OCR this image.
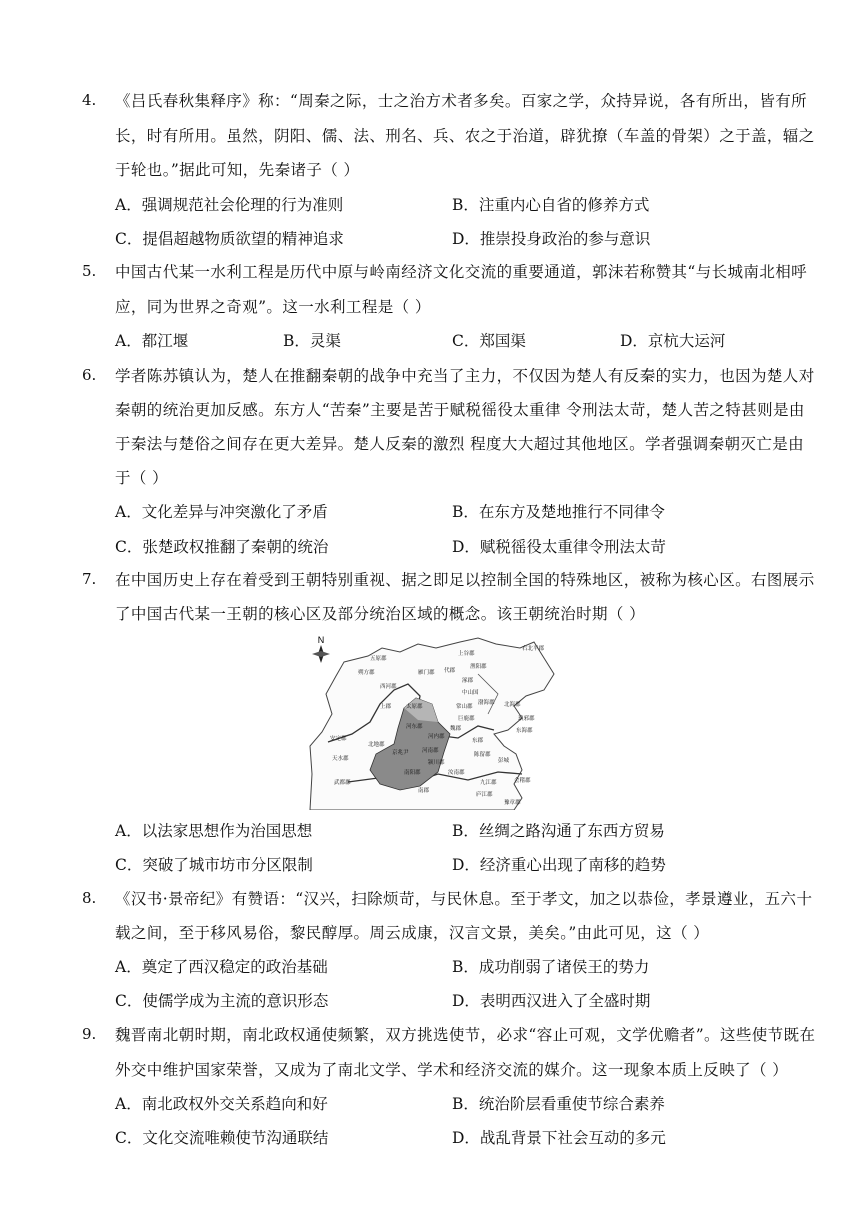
4. 《吕氏春秋集释序》称：“周秦之际，士之治方术者多矣。百家之学，众持异说，各有所出，皆有所
长，时有所用。虽然，阴阳、儒、法、刑名、兵、农之于治道，辟犹撩（车盖的骨架）之于盖，辐之
于轮也。”据此可知，先秦诸子（ ）
A．强调规范社会伦理的行为准则	B．注重内心自省的修养方式
C．提倡超越物质欲望的精神追求	D．推崇投身政治的参与意识
5. 中国古代某一水利工程是历代中原与岭南经济文化交流的重要通道，郭沫若称赞其“与长城南北相呼
应，同为世界之奇观”。这一水利工程是（ ）
A．都江堰	B．灵渠	C．郑国渠	D．京杭大运河
6. 学者陈苏镇认为，楚人在推翻秦朝的战争中充当了主力，不仅因为楚人有反秦的实力，也因为楚人对
秦朝的统治更加反感。东方人“苦秦”主要是苦于赋税徭役太重律 令刑法太苛，楚人苦之特甚则是由
于秦法与楚俗之间存在更大差异。楚人反秦的激烈 程度大大超过其他地区。学者强调秦朝灭亡是由
于（ ）
A．文化差异与冲突激化了矛盾	B．在东方及楚地推行不同律令
C．张楚政权推翻了秦朝的统治	D．赋税徭役太重律令刑法太苛
7. 在中国历史上存在着受到王朝特别重视、据之即足以控制全国的特殊地区，被称为核心区。右图展示
了中国古代某一王朝的核心区及部分统治区域的概念。该王朝统治时期（ ）
N
五原郡
上谷郡
右北平郡
渔阳郡
朔方郡	雁门郡 代郡
涿郡
西河郡
中山国
上郡	太原郡	常山郡
渤海郡 北海郡
巨鹿郡	琅邪郡
东海郡
安定郡
河东郡
河内郡
魏郡
东郡
陈留郡
北地郡
京兆尹 河南郡
颍川郡
汝南郡
彭城
九江郡	会稽郡
天水郡
南阳郡
武都郡
南郡
庐江郡
豫章郡
A．以法家思想作为治国思想	B．丝绸之路沟通了东西方贸易
C．突破了城市坊市分区限制	D．经济重心出现了南移的趋势
8. 《汉书·景帝纪》有赞语：“汉兴，扫除烦苛，与民休息。至于孝文，加之以恭俭，孝景遵业，五六十
载之间，至于移风易俗，黎民醇厚。周云成康，汉言文景，美矣。”由此可见，这（ ）
A．奠定了西汉稳定的政治基础	B．成功削弱了诸侯王的势力
C．使儒学成为主流的意识形态	D．表明西汉进入了全盛时期
9. 魏晋南北朝时期，南北政权通使频繁，双方挑选使节，必求“容止可观，文学优赡者”。这些使节既在
外交中维护国家荣誉，又成为了南北文学、学术和经济交流的媒介。这一现象本质上反映了（ ）
A．南北政权外交关系趋向和好	B．统治阶层看重使节综合素养
C．文化交流唯赖使节沟通联结	D．战乱背景下社会互动的多元
